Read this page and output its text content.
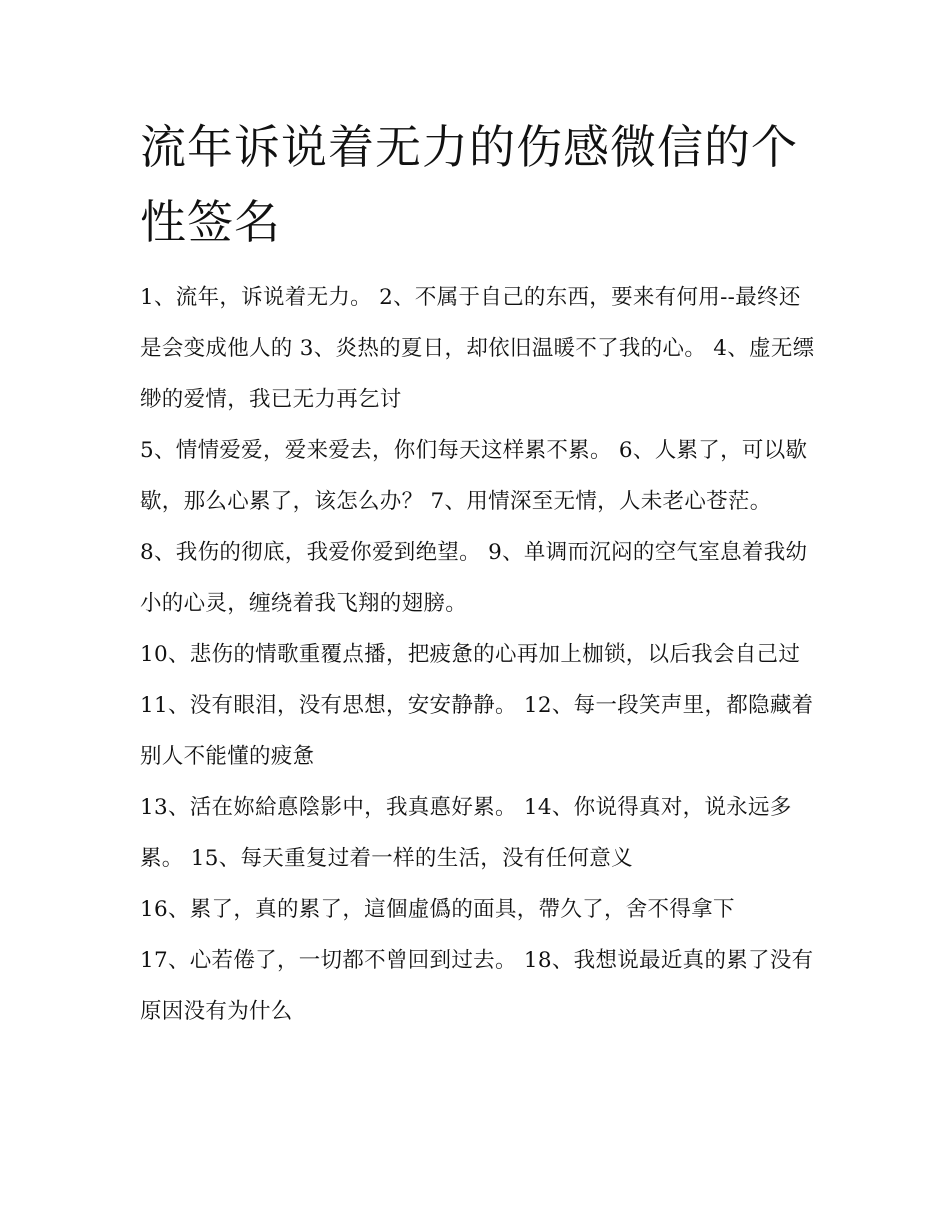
流年诉说着无力的伤感微信的个性签名

1、流年，诉说着无力。 2、不属于自己的东西，要来有何用--最终还是会变成他人的 3、炎热的夏日，却依旧温暖不了我的心。 4、虚无缥缈的爱情，我已无力再乞讨

5、情情爱爱，爱来爱去，你们每天这样累不累。 6、人累了，可以歇歇，那么心累了，该怎么办？ 7、用情深至无情，人未老心苍茫。

8、我伤的彻底，我爱你爱到绝望。 9、单调而沉闷的空气室息着我幼小的心灵，缠绕着我飞翔的翅膀。

10、悲伤的情歌重覆点播，把疲惫的心再加上枷锁，以后我会自己过 11、没有眼泪，没有思想，安安静静。 12、每一段笑声里，都隐藏着别人不能懂的疲惫

13、活在妳給悳陰影中，我真悳好累。 14、你说得真对，说永远多累。 15、每天重复过着一样的生活，没有任何意义

16、累了，真的累了，這個虛僞的面具，帶久了，舍不得拿下

17、心若倦了，一切都不曾回到过去。 18、我想说最近真的累了没有原因没有为什么
